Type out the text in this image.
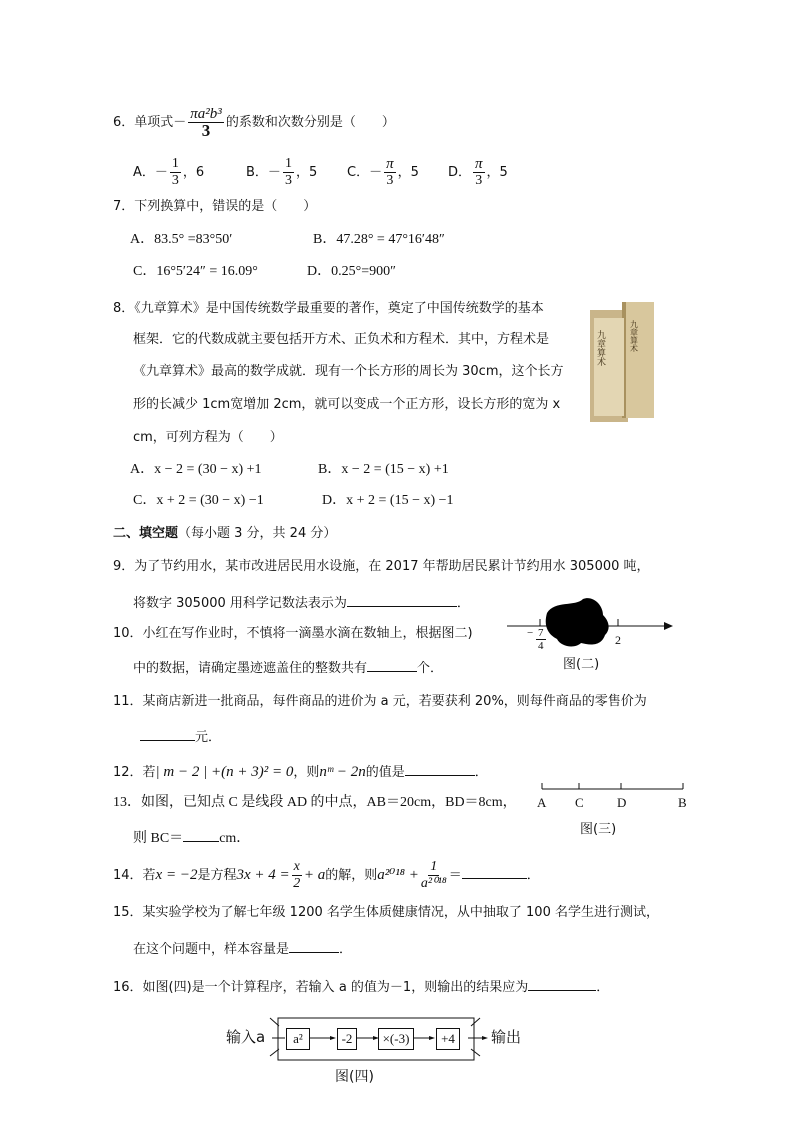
6．单项式－ $\frac{\text{πa²b³}}{3}$ 的系数和次数分别是（　　）
A．－ $\frac{1}{3}$ ，6	B．－ $\frac{1}{3}$ ，5 C．－ $\frac{\pi}{3}$ ，5 D． $\frac{\pi}{3}$ ，5
7．下列换算中，错误的是（　　）
A．83.5° =83°50′	B．47.28° = 47°16′48″
C．16°5′24″ = 16.09°	D．0.25°=900″
8．《九章算术》是中国传统数学最重要的著作，奠定了中国传统数学的基本
框架．它的代数成就主要包括开方术、正负术和方程术．其中，方程术是
《九章算术》最高的数学成就．现有一个长方形的周长为 30cm，这个长方
形的长减少 1cm宽增加 2cm，就可以变成一个正方形，设长方形的宽为 x
cm，可列方程为（　　）
A．x − 2 = (30 − x) +1	B．x − 2 = (15 − x) +1
C．x + 2 = (30 − x) −1	D．x + 2 = (15 − x) −1
九章算术	九章算术
二、填空题（每小题 3 分，共 24 分）
9．为了节约用水，某市改进居民用水设施，在 2017 年帮助居民累计节约用水 305000 吨，
将数字 305000 用科学记数法表示为	．
10．小红在写作业时，不慎将一滴墨水滴在数轴上，根据图二)
中的数据，请确定墨迹遮盖住的整数共有	个．
− $\frac{7}{4}$	2
图(二)
11．某商店新进一批商品，每件商品的进价为 a 元，若要获利 20%，则每件商品的零售价为
元．
12．若| m − 2 | +(n + 3)² = 0，则nᵐ − 2n的值是	．
13．如图，已知点 C 是线段 AD 的中点，AB＝20cm，BD＝8cm，
则 BC＝	cm．
A C	D	B
图(三)
14．若x = −2是方程$3x + 4 = \frac{x}{2} + a$的解，则$a^{2018} + \frac{1}{\text{a²⁰¹⁸}}$ ＝	．
15．某实验学校为了解七年级 1200 名学生体质健康情况，从中抽取了 100 名学生进行测试，
在这个问题中，样本容量是	．
16．如图(四)是一个计算程序，若输入 a 的值为－1，则输出的结果应为	．
输入a	a²	-2	×(-3)	+4	输出
图(四)
